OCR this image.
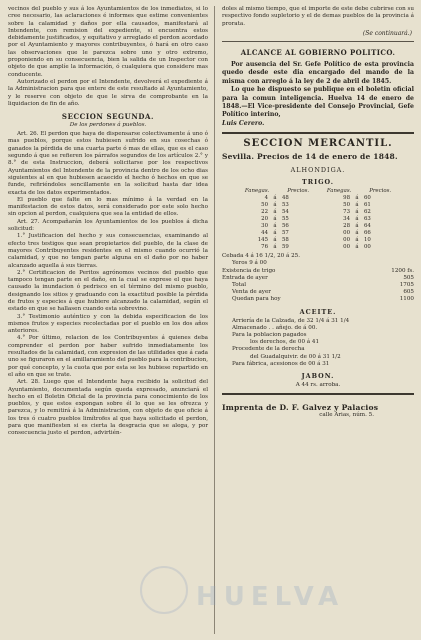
vecinos del pueblo y sus á los Ayuntamientos de los inmediatos, si lo cree necesario, las aclaraciones é informes que estime convenientes sobre la calamidad y daños por ella causados, manifestará al Intendente, con remision del expediente, si encuentra estos debidamente justificados, y equitativo y arreglado el perdon acordado por el Ayuntamiento y mayores contribuyentes, ó hará en otro caso las observaciones que le parezca sobre uno y otro extremo, proponiendo en su consecuencia, bien la salida de un Inspector con objeto de que amplíe la información, ó cualquiera que considere mas conducente.

Autorizado el perdon por el Intendente, devolverá el expediente á la Administracion para que entere de este resultado al Ayuntamiento, y le reserve con objeto de que le sirva de comprobante en la liquidacion de fin de año.

SECCION SEGUNDA.
De los perdones á pueblos.

Art. 26. El perdon que haya de dispensarse colectivamente á uno ó mas pueblos, porque estos hubiesen sufrido en sus cosechas ó ganados la pérdida de una cuarta parte ó mas de ellas, que es el caso segundo á que se refieren los párrafos segundos de los artículos 2.° y 8.° de esta Instruccion, deberá solicitarse por los respectivos Ayuntamientos del Intendente de la provincia dentro de los ocho dias siguientes al en que hubiesen acaecido el hecho ó hechos en que se funde, refiriéndoles sencillamente en la solicitud hasta dar idea exacta de los datos experimentados.

El pueblo que falte en lo mas mínimo á la verdad en la manifestacion de estos datos, será considerado por este solo hecho sin opcion al perdon, cualquiera que sea la entidad de ellos.

Art. 27. Acompañarán los Ayuntamientos de los pueblos á dicha solicitud:

1.° Justificacion del hecho y sus consecuencias, examinando al efecto tres testigos que sean propietarios del pueblo, de la clase de mayores Contribuyentes residentes en el mismo cuando ocurrió la calamidad, y que no tengan parte alguna en el daño por no haber alcanzado aquella á sus tierras.

2.° Certificacion de Peritos agrónomos vecinos del pueblo que tampoco tengan parte en el daño, en la cual se exprese el que haya causado la inundacion ó pedrisco en el término del mismo pueblo, designando los sitios y graduando con la exactitud posible la pérdida de frutos y especies á que hubiere alcanzado la calamidad, según el estado en que se hallasen cuando esta sobrevino.

3.° Testimonio auténtico y con la debida especificacion de los mismos frutos y especies recolectadas por el pueblo en los dos años anteriores.

4.° Por último, relacion de los Contribuyentes á quienes deba comprender el perdon por haber sufrido inmediatamente los resultados de la calamidad, con expresion de las utilidades que á cada uno se figuraron en el amillaramiento del pueblo para la contribucion, por qué concepto, y la cuota que por esta se les hubiese repartido en el año en que se trate.

Art. 28. Luego que el Intendente haya recibido la solicitud del Ayuntamiento, documentada según queda expresado, anunciará el hecho en el Boletin Oficial de la provincia para conocimiento de los pueblos, y que estos expongan sobre él lo que se les ofrezca y parezca, y lo remitirá á la Administracion, con objeto de que oficie á los tres ó cuatro pueblos limítrofes al que haya solicitado el perdon, para que manifiesten si es cierta la desgracia que se alega, y por consecuencia justo el perdon, advirtién-

doles al mismo tiempo, que el importe de este debe cubrirse con su respectivo fondo supletorio y el de demas pueblos de la provincia á prorata.

(Se continuará.)
ALCANCE AL GOBIERNO POLITICO.

Por ausencia del Sr. Gefe Político de esta provincia quedo desde este dia encargado del mando de la misma con arreglo á la ley de 2 de abril de 1845.

Lo que he dispuesto se publique en el boletin oficial para la comun inteligencia. Huelva 14 de enero de 1848.—El Vice-presidente del Consejo Provincial, Gefe Político interino,

Luis Cerero.

SECCION MERCANTIL.
Sevilla. Precios de 14 de enero de 1848.
ALHONDIGA.
TRIGO.
Fanegas.	Precios.	Fanegas.	Precios.
4 á 48	98 á 60
50 á 53	50 á 61
22 á 54	73 á 62
20 á 55	34 á 63
30 á 56	28 á 64
44 á 57	00 á 66
145 á 58	00 á 10
76 á 59	00 á 00
Cebada 4 á 16 1/2, 20 á 25.
Yeros 9 á 00
Existencia de trigo	1200 fs.
Entrada de ayer	505
Total	1705
Venta de ayer	605
Quedan para hoy	1100
ACEITE.
Arriería de la Calzada, de 32 1/4 á 31 1/4
Almacenado . . añejo. de á 00.
Para la poblacion pagados
los derechos, de 00 á 41
Procedente de la derecha
del Guadalquivir. de 00 á 31 1/2
Para fábrica, acesionos de 00 á 31
JABON.
A 44 rs. arroba.
Imprenta de D. F. Galvez y Palacios
calle Arias, núm. 5.
HUELVA
